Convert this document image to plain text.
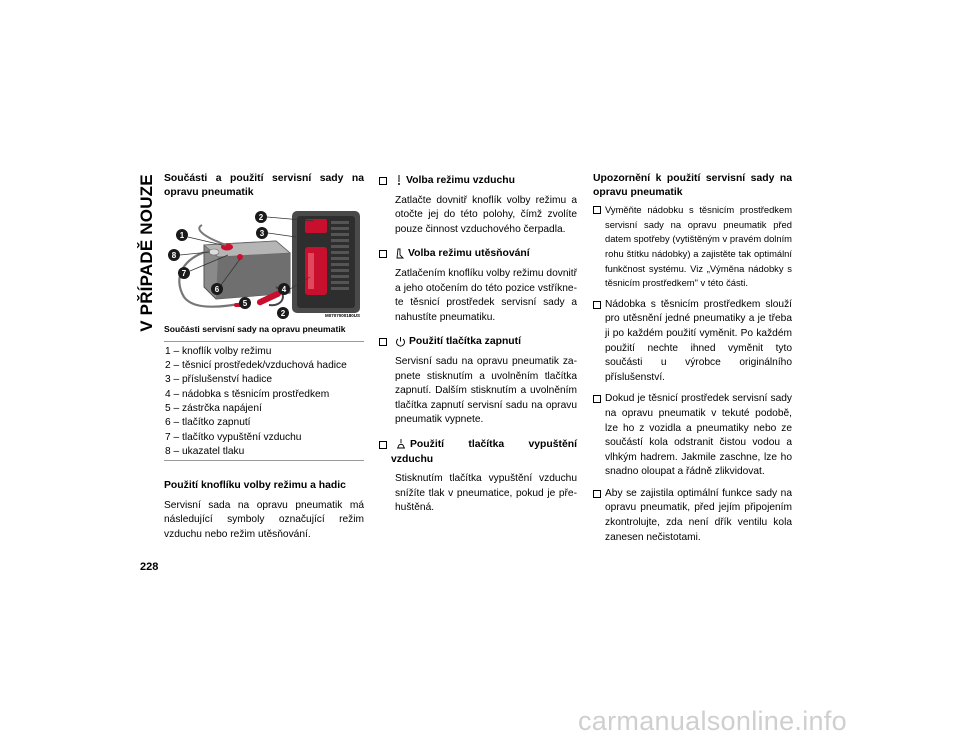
V PŘÍPADĚ NOUZE
228
Součásti a použití servisní sady na opravu pneumatik
1
2
3
2
4
5
6
7
8
M0707000180US
Součásti servisní sady na opravu pneumatik
1 – knoflík volby režimu
2 – těsnicí prostředek/vzduchová hadice
3 – příslušenství hadice
4 – nádobka s těsnicím prostředkem
5 – zástrčka napájení
6 – tlačítko zapnutí
7 – tlačítko vypuštění vzduchu
8 – ukazatel tlaku
Použití knoflíku volby režimu a hadic

Servisní sada na opravu pneumatik má následující symboly označující režim vzduchu nebo režim utěsňování.

Volba režimu vzduchu

Zatlačte dovnitř knoflík volby režimu a otočte jej do této polohy, čímž zvolíte pouze činnost vzduchového čerpadla.

Volba režimu utěsňování

Zatlačením knoflíku volby režimu dovnitř a jeho otočením do této pozice vstříkne-te těsnicí prostředek servisní sady a nahustíte pneumatiku.

Použití tlačítka zapnutí

Servisní sadu na opravu pneumatik za-pnete stisknutím a uvolněním tlačítka zapnutí. Dalším stisknutím a uvolněním tlačítka zapnutí servisní sadu na opravu pneumatik vypnete.

Použití tlačítka vypuštění vzduchu

Stisknutím tlačítka vypuštění vzduchu snížíte tlak v pneumatice, pokud je pře-huštěná.

Upozornění k použití servisní sady na opravu pneumatik
Vyměňte nádobku s těsnicím prostředkem servisní sady na opravu pneumatik před datem spotřeby (vytištěným v pravém dolním rohu štítku nádobky) a zajistěte tak optimální funkčnost systému. Viz „Výměna nádobky s těsnicím prostředkem" v této části.
Nádobka s těsnicím prostředkem slouží pro utěsnění jedné pneumatiky a je třeba ji po každém použití vyměnit. Po každém použití nechte ihned vyměnit tyto součásti u výrobce originálního příslušenství.
Dokud je těsnicí prostředek servisní sady na opravu pneumatik v tekuté podobě, lze ho z vozidla a pneumatiky nebo ze součástí kola odstranit čistou vodou a vlhkým hadrem. Jakmile zaschne, lze ho snadno oloupat a řádně zlikvidovat.
Aby se zajistila optimální funkce sady na opravu pneumatik, před jejím připojením zkontrolujte, zda není dřík ventilu kola zanesen nečistotami.
carmanualsonline.info
